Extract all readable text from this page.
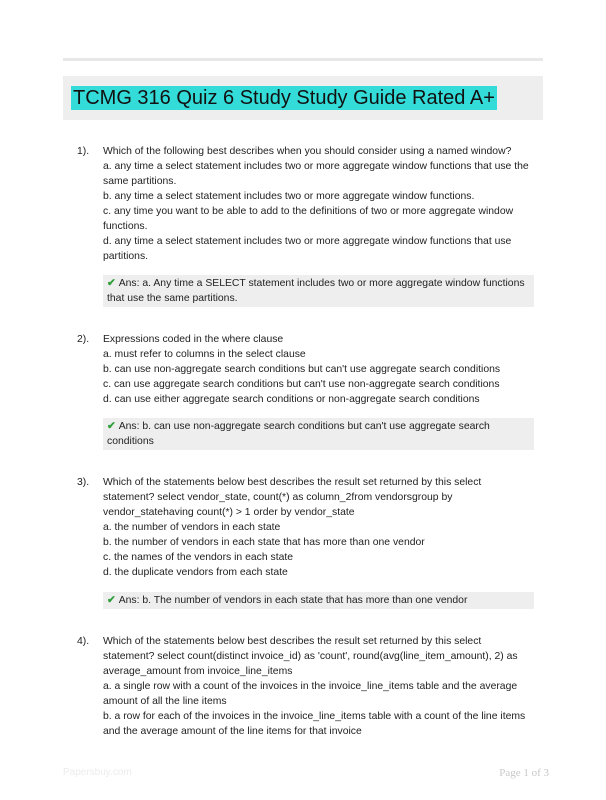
TCMG 316 Quiz 6 Study Study Guide Rated A+
1). Which of the following best describes when you should consider using a named window?

a. any time a select statement includes two or more aggregate window functions that use the same partitions.

b. any time a select statement includes two or more aggregate window functions.

c. any time you want to be able to add to the definitions of two or more aggregate window functions.

d. any time a select statement includes two or more aggregate window functions that use partitions.

✔ Ans: a. Any time a SELECT statement includes two or more aggregate window functions that use the same partitions.
2). Expressions coded in the where clause

a. must refer to columns in the select clause

b. can use non-aggregate search conditions but can't use aggregate search conditions

c. can use aggregate search conditions but can't use non-aggregate search conditions

d. can use either aggregate search conditions or non-aggregate search conditions

✔ Ans: b. can use non-aggregate search conditions but can't use aggregate search conditions
3). Which of the statements below best describes the result set returned by this select statement? select vendor_state, count(*) as column_2from vendorsgroup by vendor_statehaving count(*) > 1 order by vendor_state

a. the number of vendors in each state

b. the number of vendors in each state that has more than one vendor

c. the names of the vendors in each state

d. the duplicate vendors from each state

✔ Ans: b. The number of vendors in each state that has more than one vendor
4). Which of the statements below best describes the result set returned by this select statement? select count(distinct invoice_id) as 'count', round(avg(line_item_amount), 2) as average_amount from invoice_line_items

a. a single row with a count of the invoices in the invoice_line_items table and the average amount of all the line items

b. a row for each of the invoices in the invoice_line_items table with a count of the line items and the average amount of the line items for that invoice

Papersbuy.com	Page 1 of 3
